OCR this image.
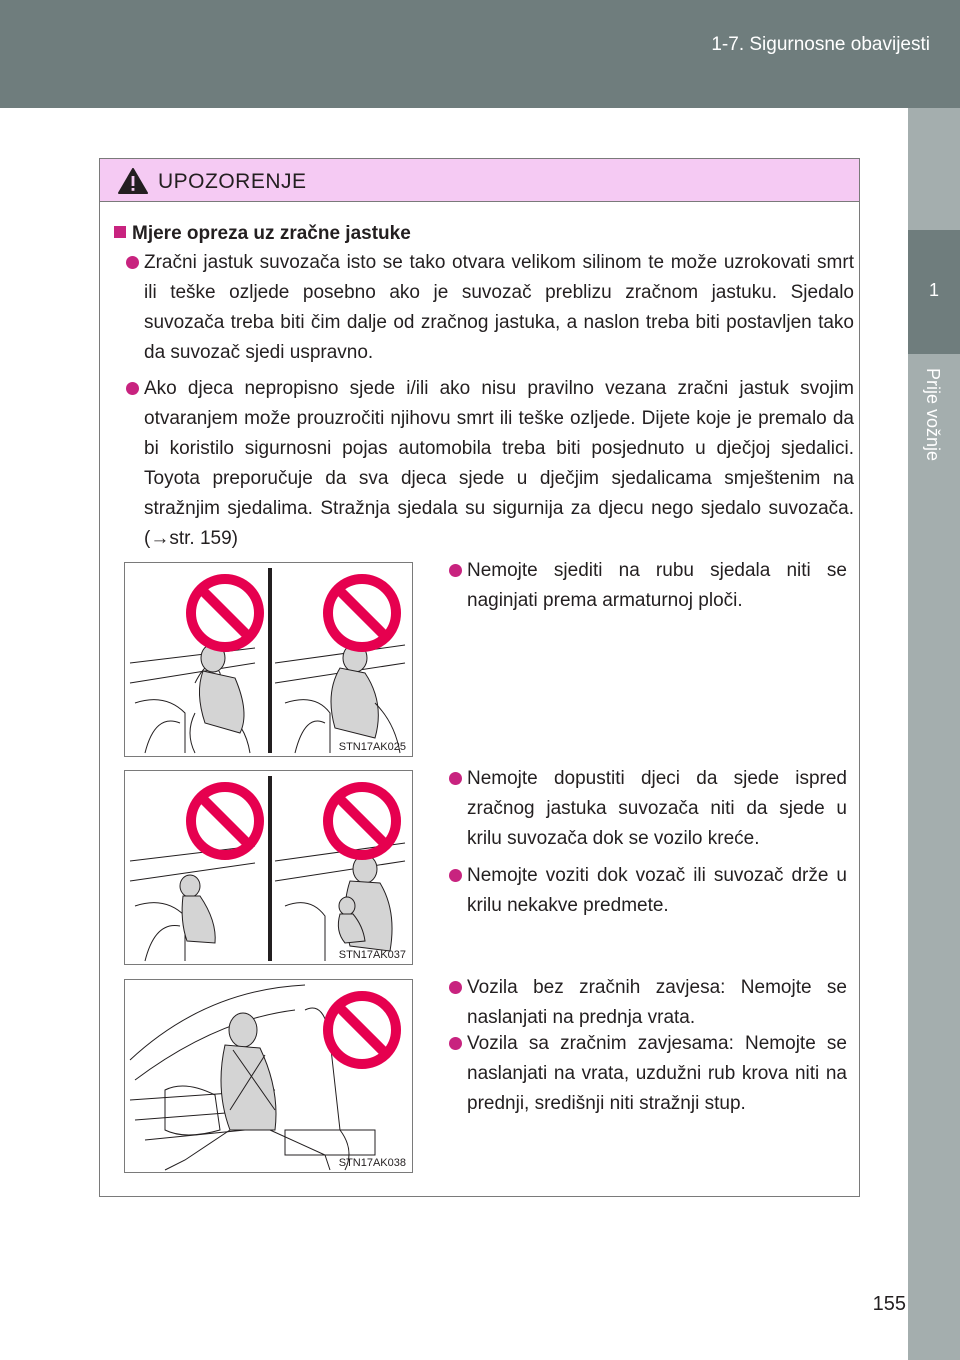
1-7. Sigurnosne obavijesti
1
Prije vožnje
UPOZORENJE
Mjere opreza uz zračne jastuke
Zračni jastuk suvozača isto se tako otvara velikom silinom te može uzrokovati smrt ili teške ozljede posebno ako je suvozač preblizu zračnom jastuku. Sjedalo suvozača treba biti čim dalje od zračnog jastuka, a naslon treba biti postavljen tako da suvozač sjedi uspravno.
Ako djeca nepropisno sjede i/ili ako nisu pravilno vezana zračni jastuk svojim otvaranjem može prouzročiti njihovu smrt ili teške ozljede. Dijete koje je premalo da bi koristilo sigurnosni pojas automobila treba biti posjednuto u dječjoj sjedalici. Toyota preporučuje da sva djeca sjede u dječjim sjedalicama smještenim na stražnjim sjedalima. Stražnja sjedala su sigurnija za djecu nego sjedalo suvozača. (→str. 159)
STN17AK025
Nemojte sjediti na rubu sjedala niti se naginjati prema armaturnoj ploči.
STN17AK037
Nemojte dopustiti djeci da sjede ispred zračnog jastuka suvozača niti da sjede u krilu suvozača dok se vozilo kreće.
Nemojte voziti dok vozač ili suvozač drže u krilu nekakve predmete.
STN17AK038
Vozila bez zračnih zavjesa: Nemojte se naslanjati na prednja vrata.
Vozila sa zračnim zavjesama: Nemojte se naslanjati na vrata, uzdužni rub krova niti na prednji, središnji niti stražnji stup.
155
